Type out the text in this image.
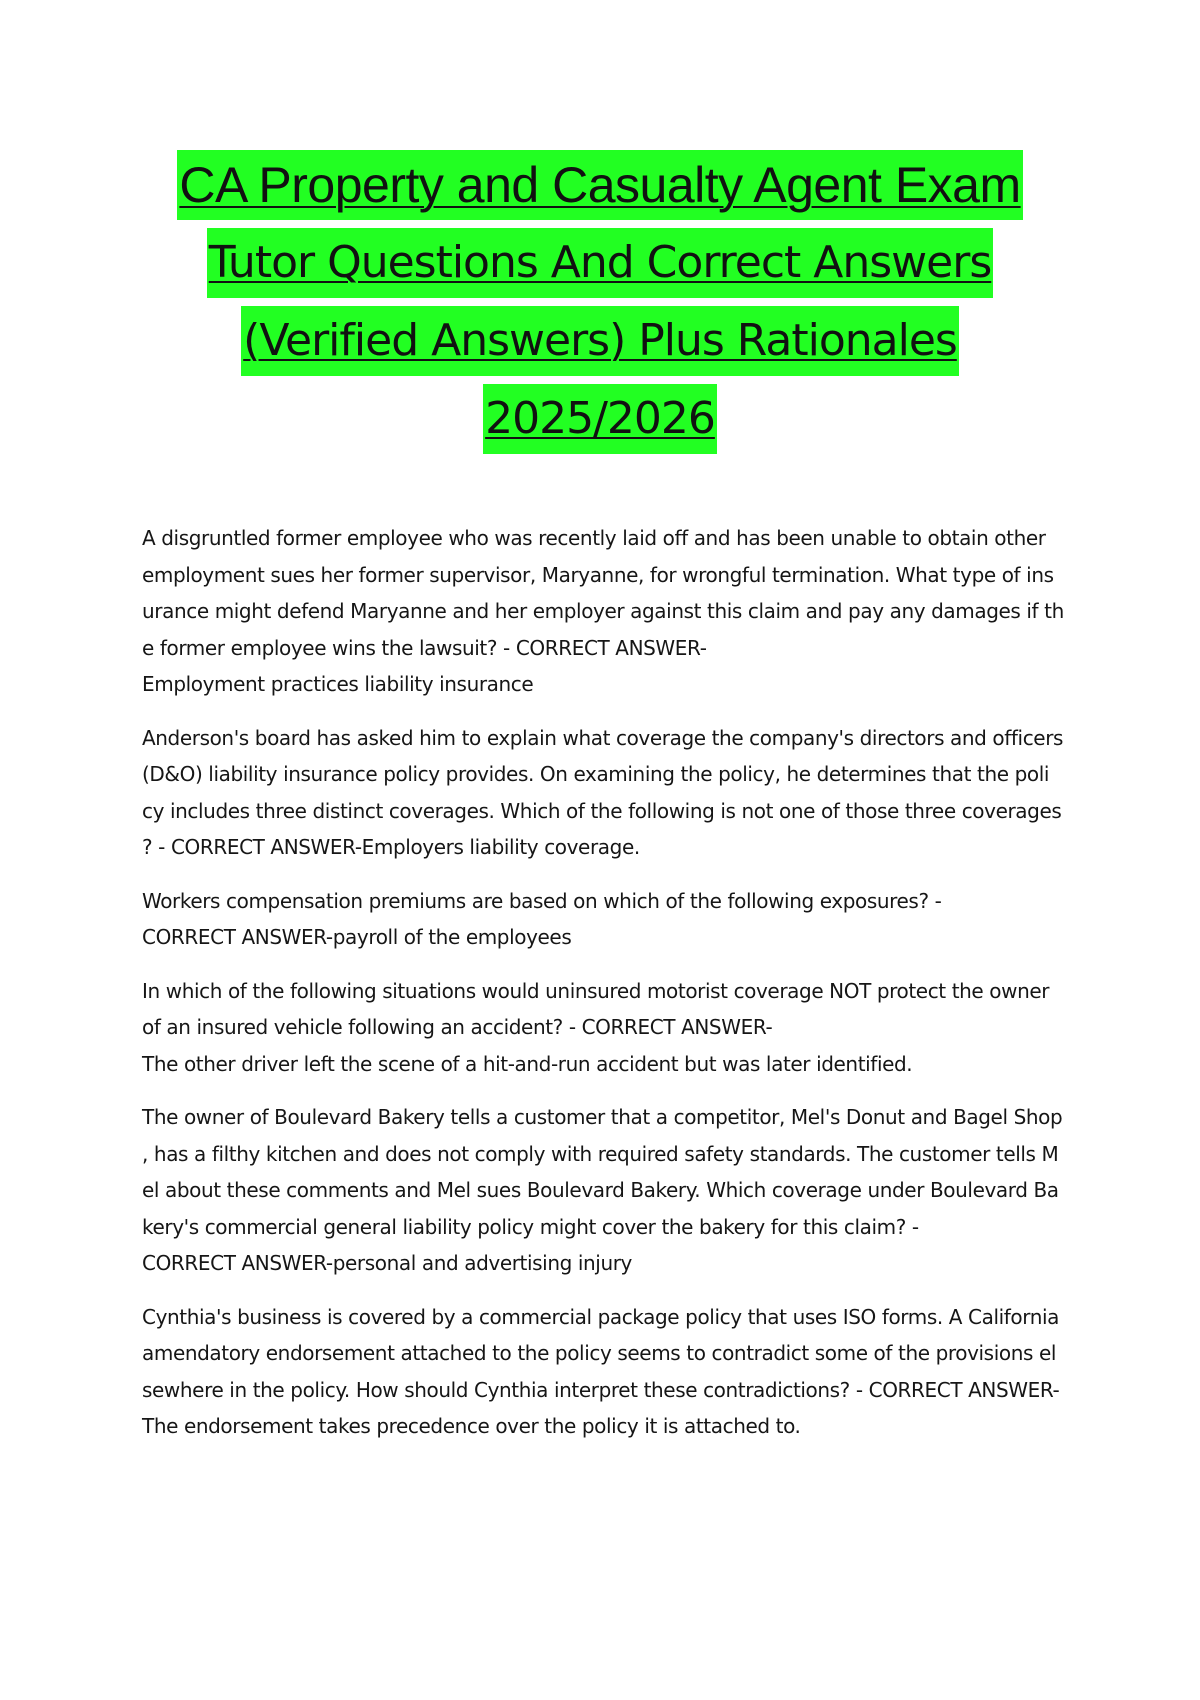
CA Property and Casualty Agent Exam
Tutor Questions And Correct Answers
(Verified Answers) Plus Rationales
2025/2026
A disgruntled former employee who was recently laid off and has been unable to obtain other
employment sues her former supervisor, Maryanne, for wrongful termination. What type of ins
urance might defend Maryanne and her employer against this claim and pay any damages if th
e former employee wins the lawsuit? - CORRECT ANSWER-
Employment practices liability insurance
Anderson's board has asked him to explain what coverage the company's directors and officers
(D&O) liability insurance policy provides. On examining the policy, he determines that the poli
cy includes three distinct coverages. Which of the following is not one of those three coverages
? - CORRECT ANSWER-Employers liability coverage.
Workers compensation premiums are based on which of the following exposures? -
CORRECT ANSWER-payroll of the employees
In which of the following situations would uninsured motorist coverage NOT protect the owner
of an insured vehicle following an accident? - CORRECT ANSWER-
The other driver left the scene of a hit-and-run accident but was later identified.
The owner of Boulevard Bakery tells a customer that a competitor, Mel's Donut and Bagel Shop
, has a filthy kitchen and does not comply with required safety standards. The customer tells M
el about these comments and Mel sues Boulevard Bakery. Which coverage under Boulevard Ba
kery's commercial general liability policy might cover the bakery for this claim? -
CORRECT ANSWER-personal and advertising injury
Cynthia's business is covered by a commercial package policy that uses ISO forms. A California
amendatory endorsement attached to the policy seems to contradict some of the provisions el
sewhere in the policy. How should Cynthia interpret these contradictions? - CORRECT ANSWER-
The endorsement takes precedence over the policy it is attached to.
